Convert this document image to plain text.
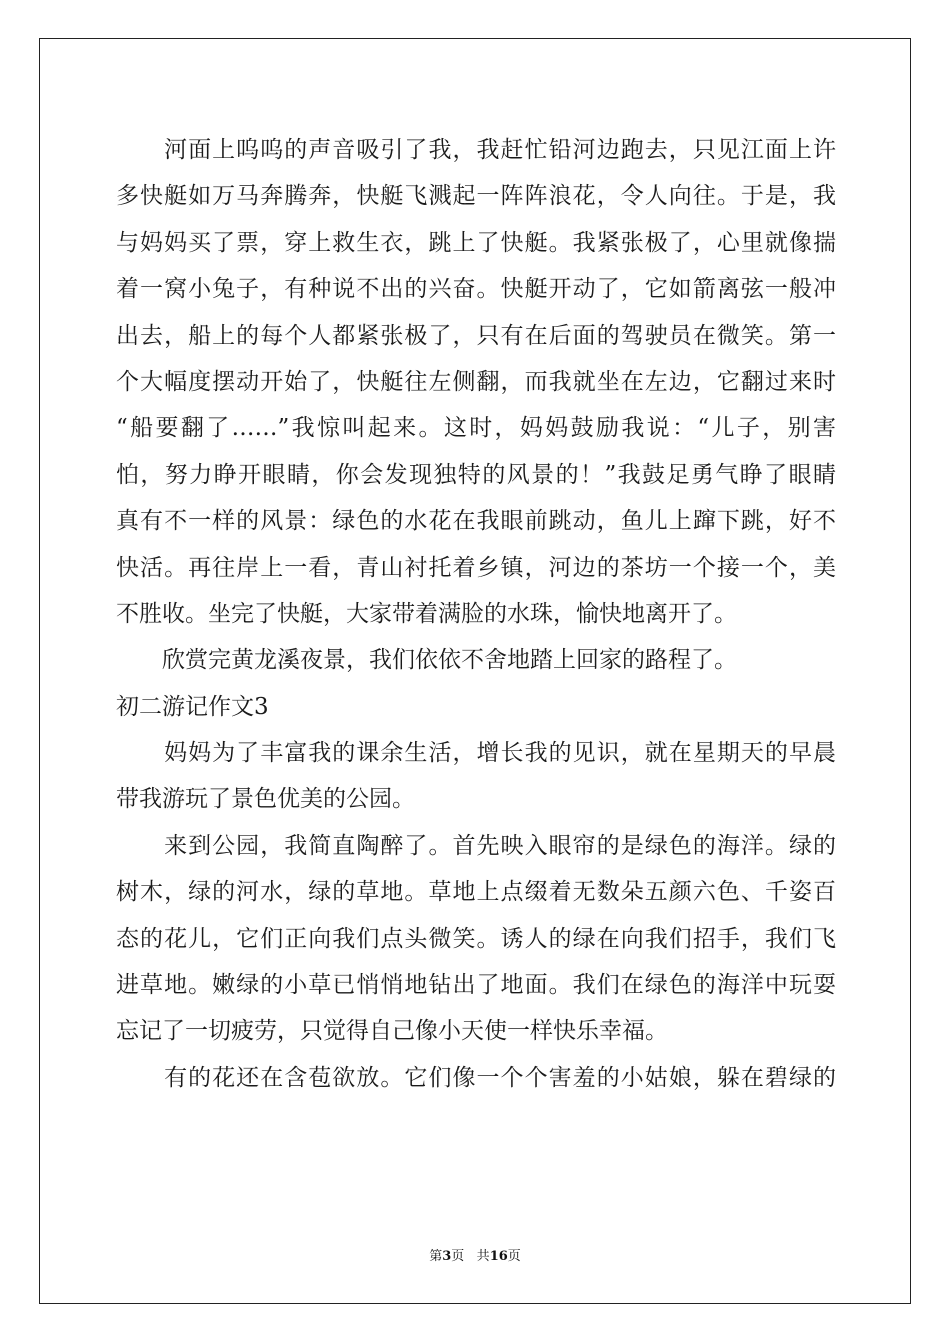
　　河面上呜呜的声音吸引了我，我赶忙铅河边跑去，只见江面上许
多快艇如万马奔腾奔，快艇飞溅起一阵阵浪花，令人向往。于是，我
与妈妈买了票，穿上救生衣，跳上了快艇。我紧张极了，心里就像揣
着一窝小兔子，有种说不出的兴奋。快艇开动了，它如箭离弦一般冲
出去，船上的每个人都紧张极了，只有在后面的驾驶员在微笑。第一
个大幅度摆动开始了，快艇往左侧翻，而我就坐在左边，它翻过来时
“船要翻了……”我惊叫起来。这时，妈妈鼓励我说：“儿子，别害
怕，努力睁开眼睛，你会发现独特的风景的！”我鼓足勇气睁了眼睛
真有不一样的风景：绿色的水花在我眼前跳动，鱼儿上蹿下跳，好不
快活。再往岸上一看，青山衬托着乡镇，河边的茶坊一个接一个，美
不胜收。坐完了快艇，大家带着满脸的水珠，愉快地离开了。
　　欣赏完黄龙溪夜景，我们依依不舍地踏上回家的路程了。
初二游记作文3
　　妈妈为了丰富我的课余生活，增长我的见识，就在星期天的早晨
带我游玩了景色优美的公园。
　　来到公园，我简直陶醉了。首先映入眼帘的是绿色的海洋。绿的
树木，绿的河水，绿的草地。草地上点缀着无数朵五颜六色、千姿百
态的花儿，它们正向我们点头微笑。诱人的绿在向我们招手，我们飞
进草地。嫩绿的小草已悄悄地钻出了地面。我们在绿色的海洋中玩耍
忘记了一切疲劳，只觉得自己像小天使一样快乐幸福。
　　有的花还在含苞欲放。它们像一个个害羞的小姑娘，躲在碧绿的
第3页 共16页
